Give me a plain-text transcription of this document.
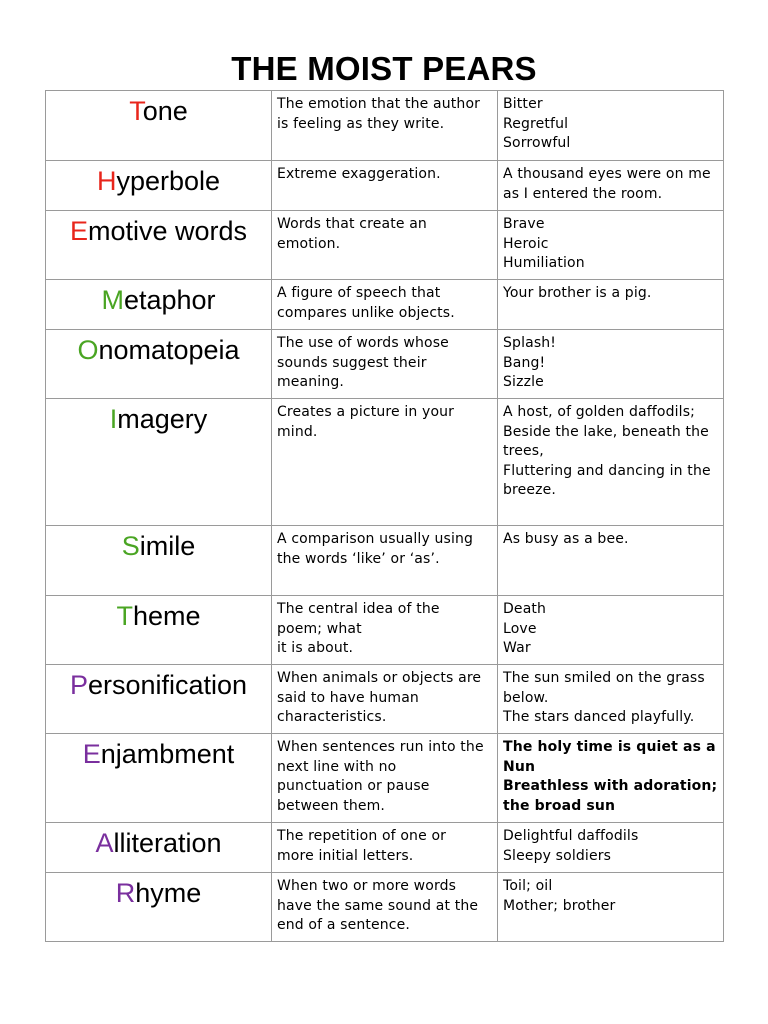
THE MOIST PEARS
Tone	The emotion that the author
is feeling as they write.	Bitter
Regretful
Sorrowful

Hyperbole	Extreme exaggeration.	A thousand eyes were on me
as I entered the room.

Emotive words	Words that create an
emotion.	Brave
Heroic
Humiliation

Metaphor	A figure of speech that
compares unlike objects.	Your brother is a pig.

Onomatopeia	The use of words whose
sounds suggest their
meaning.	Splash!
Bang!
Sizzle

Imagery	Creates a picture in your
mind.	A host, of golden daffodils;
Beside the lake, beneath the
trees,
Fluttering and dancing in the
breeze.

Simile	A comparison usually using
the words ‘like’ or ‘as’.	As busy as a bee.

Theme	The central idea of the
poem; what
it is about.	Death
Love
War

Personification	When animals or objects are
said to have human
characteristics.	The sun smiled on the grass
below.
The stars danced playfully.

Enjambment	When sentences run into the
next line with no
punctuation or pause
between them.	The holy time is quiet as a
Nun
Breathless with adoration;
the broad sun

Alliteration	The repetition of one or
more initial letters.	Delightful daffodils
Sleepy soldiers

Rhyme	When two or more words
have the same sound at the
end of a sentence.	Toil; oil
Mother; brother
